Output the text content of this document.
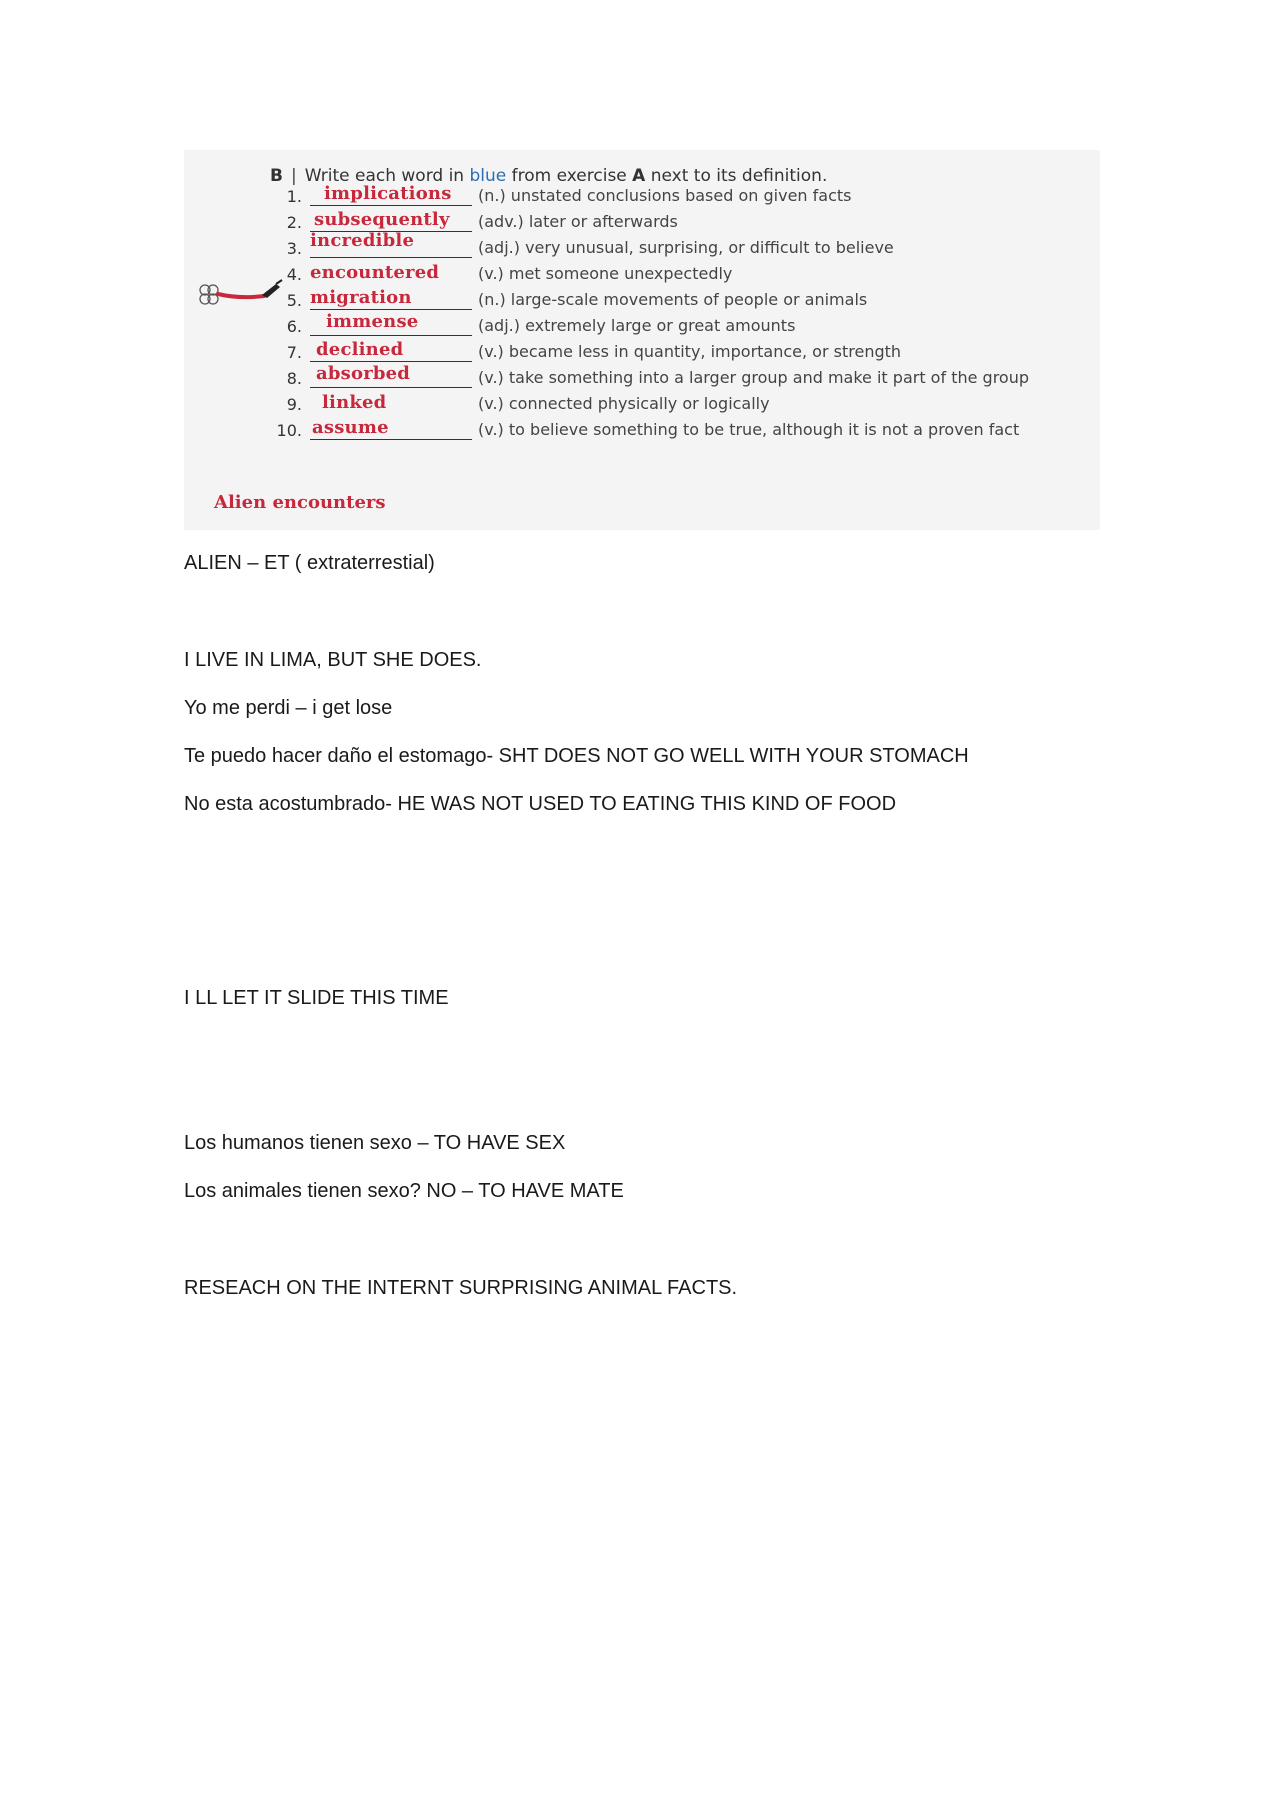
B | Write each word in blue from exercise A next to its definition.
1.	implications (n.) unstated conclusions based on given facts
2. subsequently (adv.) later or afterwards
3. incredible	(adj.) very unusual, surprising, or difficult to believe
4. encountered (v.) met someone unexpectedly
5. migration	(n.) large-scale movements of people or animals
6.	immense	(adj.) extremely large or great amounts
7. declined	(v.) became less in quantity, importance, or strength
8. absorbed	(v.) take something into a larger group and make it part of the group
9.	linked	(v.) connected physically or logically
10. assume	(v.) to believe something to be true, although it is not a proven fact
Alien encounters
ALIEN – ET ( extraterrestial)
I LIVE IN LIMA, BUT SHE DOES.
Yo me perdi – i get lose
Te puedo hacer daño el estomago- SHT DOES NOT GO WELL WITH YOUR STOMACH
No esta acostumbrado- HE WAS NOT USED TO EATING THIS KIND OF FOOD
I LL LET IT SLIDE THIS TIME
Los humanos tienen sexo – TO HAVE SEX
Los animales tienen sexo? NO – TO HAVE MATE
RESEACH ON THE INTERNT SURPRISING ANIMAL FACTS.
